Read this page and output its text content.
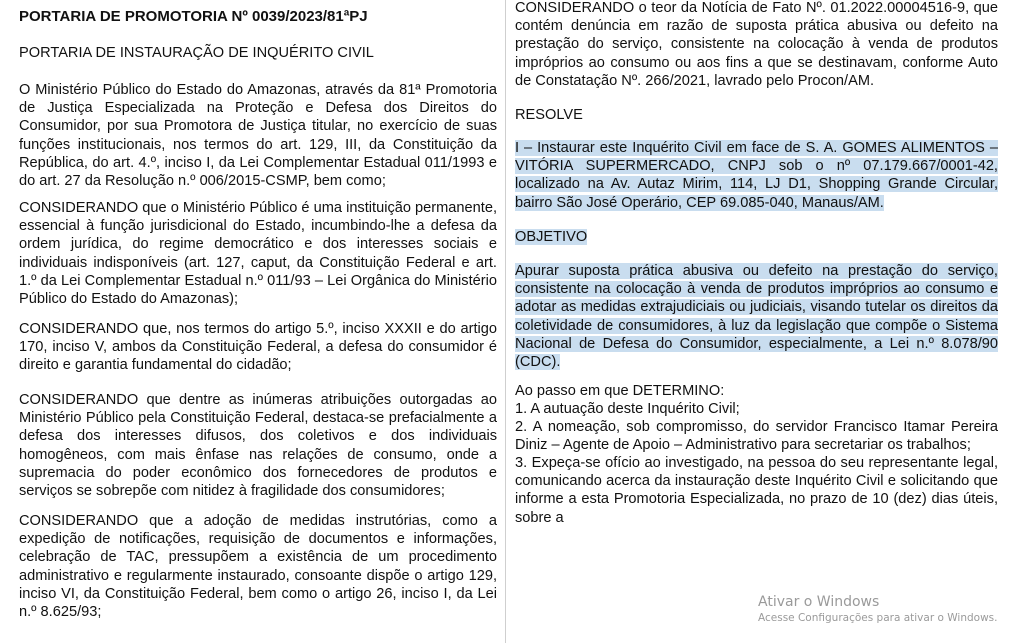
PORTARIA DE PROMOTORIA Nº 0039/2023/81ªPJ
PORTARIA DE INSTAURAÇÃO DE INQUÉRITO CIVIL

O Ministério Público do Estado do Amazonas, através da 81ª Promotoria de Justiça Especializada na Proteção e Defesa dos Direitos do Consumidor, por sua Promotora de Justiça titular, no exercício de suas funções institucionais, nos termos do art. 129, III, da Constituição da República, do art. 4.º, inciso I, da Lei Complementar Estadual 011/1993 e do art. 27 da Resolução n.º 006/2015-CSMP, bem como;

CONSIDERANDO que o Ministério Público é uma instituição permanente, essencial à função jurisdicional do Estado, incumbindo-lhe a defesa da ordem jurídica, do regime democrático e dos interesses sociais e individuais indisponíveis (art. 127, caput, da Constituição Federal e art. 1.º da Lei Complementar Estadual n.º 011/93 – Lei Orgânica do Ministério Público do Estado do Amazonas);

CONSIDERANDO que, nos termos do artigo 5.º, inciso XXXII e do artigo 170, inciso V, ambos da Constituição Federal, a defesa do consumidor é direito e garantia fundamental do cidadão;

CONSIDERANDO que dentre as inúmeras atribuições outorgadas ao Ministério Público pela Constituição Federal, destaca-se prefacialmente a defesa dos interesses difusos, dos coletivos e dos individuais homogêneos, com mais ênfase nas relações de consumo, onde a supremacia do poder econômico dos fornecedores de produtos e serviços se sobrepõe com nitidez à fragilidade dos consumidores;

CONSIDERANDO que a adoção de medidas instrutórias, como a expedição de notificações, requisição de documentos e informações, celebração de TAC, pressupõem a existência de um procedimento administrativo e regularmente instaurado, consoante dispõe o artigo 129, inciso VI, da Constituição Federal, bem como o artigo 26, inciso I, da Lei n.º 8.625/93;

CONSIDERANDO o teor da Notícia de Fato Nº. 01.2022.00004516-9, que contém denúncia em razão de suposta prática abusiva ou defeito na prestação do serviço, consistente na colocação à venda de produtos impróprios ao consumo ou aos fins a que se destinavam, conforme Auto de Constatação Nº. 266/2021, lavrado pelo Procon/AM.

RESOLVE

I – Instaurar este Inquérito Civil em face de S. A. GOMES ALIMENTOS – VITÓRIA SUPERMERCADO, CNPJ sob o nº 07.179.667/0001-42, localizado na Av. Autaz Mirim, 114, LJ D1, Shopping Grande Circular, bairro São José Operário, CEP 69.085-040, Manaus/AM.

OBJETIVO

Apurar suposta prática abusiva ou defeito na prestação do serviço, consistente na colocação à venda de produtos impróprios ao consumo e adotar as medidas extrajudiciais ou judiciais, visando tutelar os direitos da coletividade de consumidores, à luz da legislação que compõe o Sistema Nacional de Defesa do Consumidor, especialmente, a Lei n.º 8.078/90 (CDC).

Ao passo em que DETERMINO:
1. A autuação deste Inquérito Civil;
2. A nomeação, sob compromisso, do servidor Francisco Itamar Pereira Diniz – Agente de Apoio – Administrativo para secretariar os trabalhos;
3. Expeça-se ofício ao investigado, na pessoa do seu representante legal, comunicando acerca da instauração deste Inquérito Civil e solicitando que informe a esta Promotoria Especializada, no prazo de 10 (dez) dias úteis, sobre a
Ativar o Windows
Acesse Configurações para ativar o Windows.
